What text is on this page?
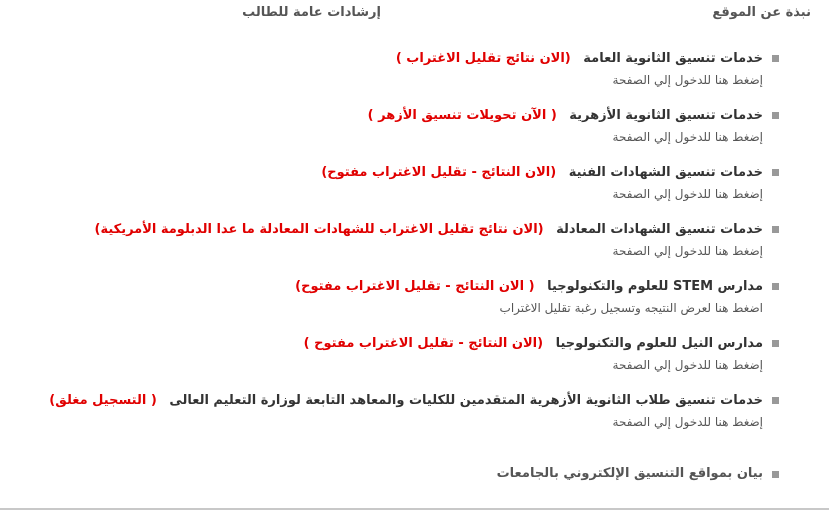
نبذة عن الموقع
إرشادات عامة للطالب
خدمات تنسيق الثانوية العامة (الان نتائج تقليل الاغتراب )
إضغط هنا للدخول إلي الصفحة
خدمات تنسيق الثانوية الأزهرية ( الآن تحويلات تنسيق الأزهر )
إضغط هنا للدخول إلي الصفحة
خدمات تنسيق الشهادات الفنية (الان النتائج - تقليل الاغتراب مفتوح)
إضغط هنا للدخول إلي الصفحة
خدمات تنسيق الشهادات المعادلة (الان نتائج تقليل الاغتراب للشهادات المعادلة ما عدا الدبلومة الأمريكية)
إضغط هنا للدخول إلي الصفحة
مدارس STEM للعلوم والتكنولوجيا ( الان النتائج - تقليل الاغتراب مفتوح)
اضغط هنا لعرض النتيجه وتسجيل رغبة تقليل الاغتراب
مدارس النيل للعلوم والتكنولوجيا (الان النتائج - تقليل الاغتراب مفتوح )
إضغط هنا للدخول إلي الصفحة
خدمات تنسيق طلاب الثانوية الأزهرية المتقدمين للكليات والمعاهد التابعة لوزارة التعليم العالى ( التسجيل مغلق)
إضغط هنا للدخول إلي الصفحة
بيان بمواقع التنسيق الإلكتروني بالجامعات
